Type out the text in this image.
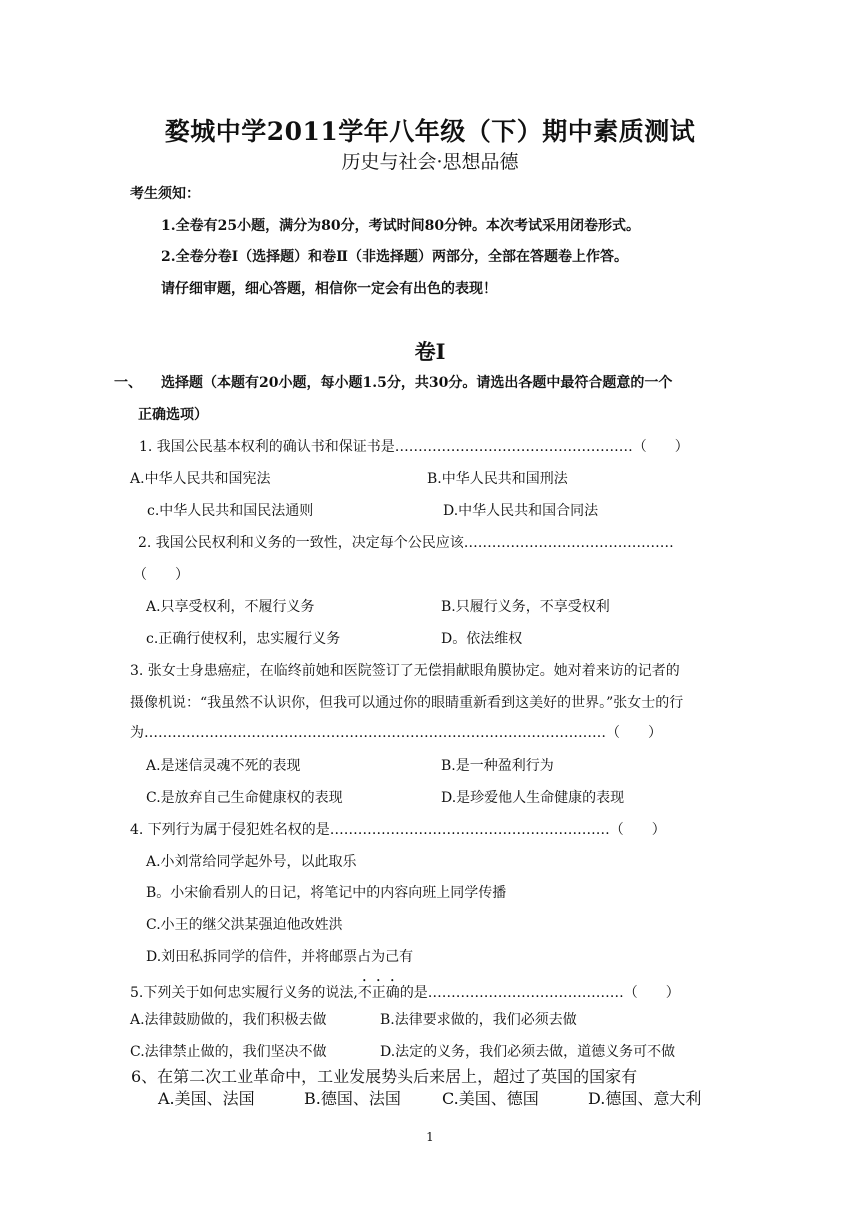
婺城中学2011学年八年级（下）期中素质测试
历史与社会·思想品德
考生须知：
1.全卷有25小题，满分为80分，考试时间80分钟。本次考试采用闭卷形式。
2.全卷分卷Ⅰ（选择题）和卷Ⅱ（非选择题）两部分，全部在答题卷上作答。
请仔细审题，细心答题，相信你一定会有出色的表现！
卷Ⅰ
一、 选择题（本题有20小题，每小题1.5分，共30分。请选出各题中最符合题意的一个
正确选项）
1. 我国公民基本权利的确认书和保证书是……………………………………………（　　）
A.中华人民共和国宪法	B.中华人民共和国刑法
c.中华人民共和国民法通则	D.中华人民共和国合同法
2. 我国公民权利和义务的一致性，决定每个公民应该………………………………………
（　　）
A.只享受权利，不履行义务	B.只履行义务，不享受权利
c.正确行使权利，忠实履行义务	D。依法维权
3. 张女士身患癌症，在临终前她和医院签订了无偿捐献眼角膜协定。她对着来访的记者的
摄像机说：“我虽然不认识你，但我可以通过你的眼睛重新看到这美好的世界。”张女士的行
为………………………………………………………………………………………（　　）
A.是迷信灵魂不死的表现	B.是一种盈利行为
C.是放弃自己生命健康权的表现	D.是珍爱他人生命健康的表现
4. 下列行为属于侵犯姓名权的是……………………………………………………（　　）
A.小刘常给同学起外号，以此取乐
B。小宋偷看别人的日记，将笔记中的内容向班上同学传播
C.小王的继父洪某强迫他改姓洪
D.刘田私拆同学的信件，并将邮票占为己有
5.下列关于如何忠实履行义务的说法,不正确的是……………………………………（　　）
A.法律鼓励做的，我们积极去做	B.法律要求做的，我们必须去做
C.法律禁止做的，我们坚决不做	D.法定的义务，我们必须去做，道德义务可不做
6、在第二次工业革命中，工业发展势头后来居上，超过了英国的国家有
A.美国、法国	B.德国、法国	C.美国、德国	D.德国、意大利
1
